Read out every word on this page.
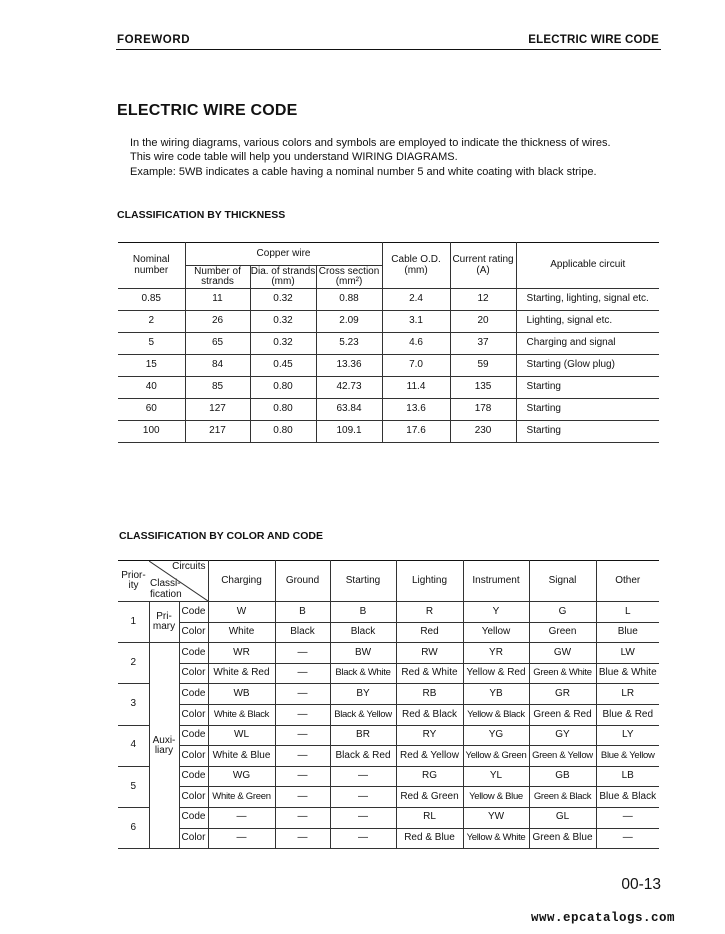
FOREWORD	ELECTRIC WIRE CODE
ELECTRIC WIRE CODE
In the wiring diagrams, various colors and symbols are employed to indicate the thickness of wires.
This wire code table will help you understand WIRING DIAGRAMS.
Example: 5WB indicates a cable having a nominal number 5 and white coating with black stripe.
CLASSIFICATION BY THICKNESS
Nominal number	Copper wire			Cable O.D. (mm)	Current rating (A)	Applicable circuit
	Number of strands	Dia. of strands (mm)	Cross section (mm²)			
0.85	11	0.32	0.88	2.4	12	Starting, lighting, signal etc.
2	26	0.32	2.09	3.1	20	Lighting, signal etc.
5	65	0.32	5.23	4.6	37	Charging and signal
15	84	0.45	13.36	7.0	59	Starting (Glow plug)
40	85	0.80	42.73	11.4	135	Starting
60	127	0.80	63.84	13.6	178	Starting
100	217	0.80	109.1	17.6	230	Starting
CLASSIFICATION BY COLOR AND CODE
Prior- ity	Circuits
Classi- fication		Charging	Ground	Starting	Lighting	Instrument	Signal	Other
1	Pri- mary	Code	W	B	B	R	Y	G	L
		Color	White	Black	Black	Red	Yellow	Green	Blue
2	Auxi- liary	Code	WR	—	BW	RW	YR	GW	LW
		Color	White & Red	—	Black & White	Red & White	Yellow & Red	Green & White	Blue & White
3		Code	WB	—	BY	RB	YB	GR	LR
		Color	White & Black	—	Black & Yellow	Red & Black	Yellow & Black	Green & Red	Blue & Red
4		Code	WL	—	BR	RY	YG	GY	LY
		Color	White & Blue	—	Black & Red	Red & Yellow	Yellow & Green	Green & Yellow	Blue & Yellow
5		Code	WG	—	—	RG	YL	GB	LB
		Color	White & Green	—	—	Red & Green	Yellow & Blue	Green & Black	Blue & Black
6		Code	—	—	—	RL	YW	GL	—
		Color	—	—	—	Red & Blue	Yellow & White	Green & Blue	—
00-13
www.epcatalogs.com
